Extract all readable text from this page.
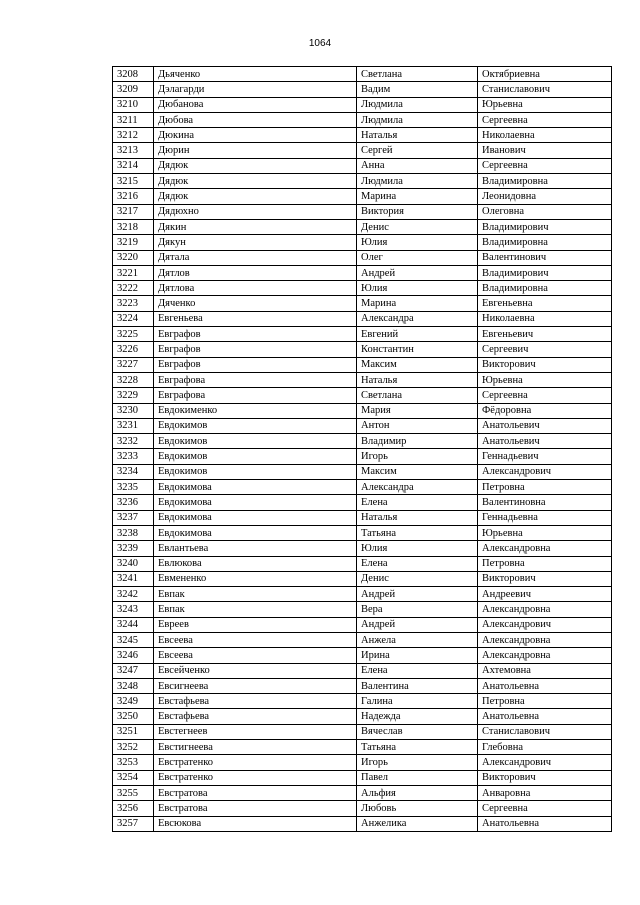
1064
3208	Дьяченко	Светлана	Октябриевна
3209	Дэлагарди	Вадим	Станиславович
3210	Дюбанова	Людмила	Юрьевна
3211	Дюбова	Людмила	Сергеевна
3212	Дюкина	Наталья	Николаевна
3213	Дюрин	Сергей	Иванович
3214	Дядюк	Анна	Сергеевна
3215	Дядюк	Людмила	Владимировна
3216	Дядюк	Марина	Леонидовна
3217	Дядюхно	Виктория	Олеговна
3218	Дякин	Денис	Владимирович
3219	Дякун	Юлия	Владимировна
3220	Дятала	Олег	Валентинович
3221	Дятлов	Андрей	Владимирович
3222	Дятлова	Юлия	Владимировна
3223	Дяченко	Марина	Евгеньевна
3224	Евгеньева	Александра	Николаевна
3225	Евграфов	Евгений	Евгеньевич
3226	Евграфов	Константин	Сергеевич
3227	Евграфов	Максим	Викторович
3228	Евграфова	Наталья	Юрьевна
3229	Евграфова	Светлана	Сергеевна
3230	Евдокименко	Мария	Фёдоровна
3231	Евдокимов	Антон	Анатольевич
3232	Евдокимов	Владимир	Анатольевич
3233	Евдокимов	Игорь	Геннадьевич
3234	Евдокимов	Максим	Александрович
3235	Евдокимова	Александра	Петровна
3236	Евдокимова	Елена	Валентиновна
3237	Евдокимова	Наталья	Геннадьевна
3238	Евдокимова	Татьяна	Юрьевна
3239	Евлантьева	Юлия	Александровна
3240	Евлюкова	Елена	Петровна
3241	Евмененко	Денис	Викторович
3242	Евпак	Андрей	Андреевич
3243	Евпак	Вера	Александровна
3244	Евреев	Андрей	Александрович
3245	Евсеева	Анжела	Александровна
3246	Евсеева	Ирина	Александровна
3247	Евсейченко	Елена	Ахтемовна
3248	Евсигнеева	Валентина	Анатольевна
3249	Евстафьева	Галина	Петровна
3250	Евстафьева	Надежда	Анатольевна
3251	Евстегнеев	Вячеслав	Станиславович
3252	Евстигнеева	Татьяна	Глебовна
3253	Евстратенко	Игорь	Александрович
3254	Евстратенко	Павел	Викторович
3255	Евстратова	Альфия	Анваровна
3256	Евстратова	Любовь	Сергеевна
3257	Евсюкова	Анжелика	Анатольевна
